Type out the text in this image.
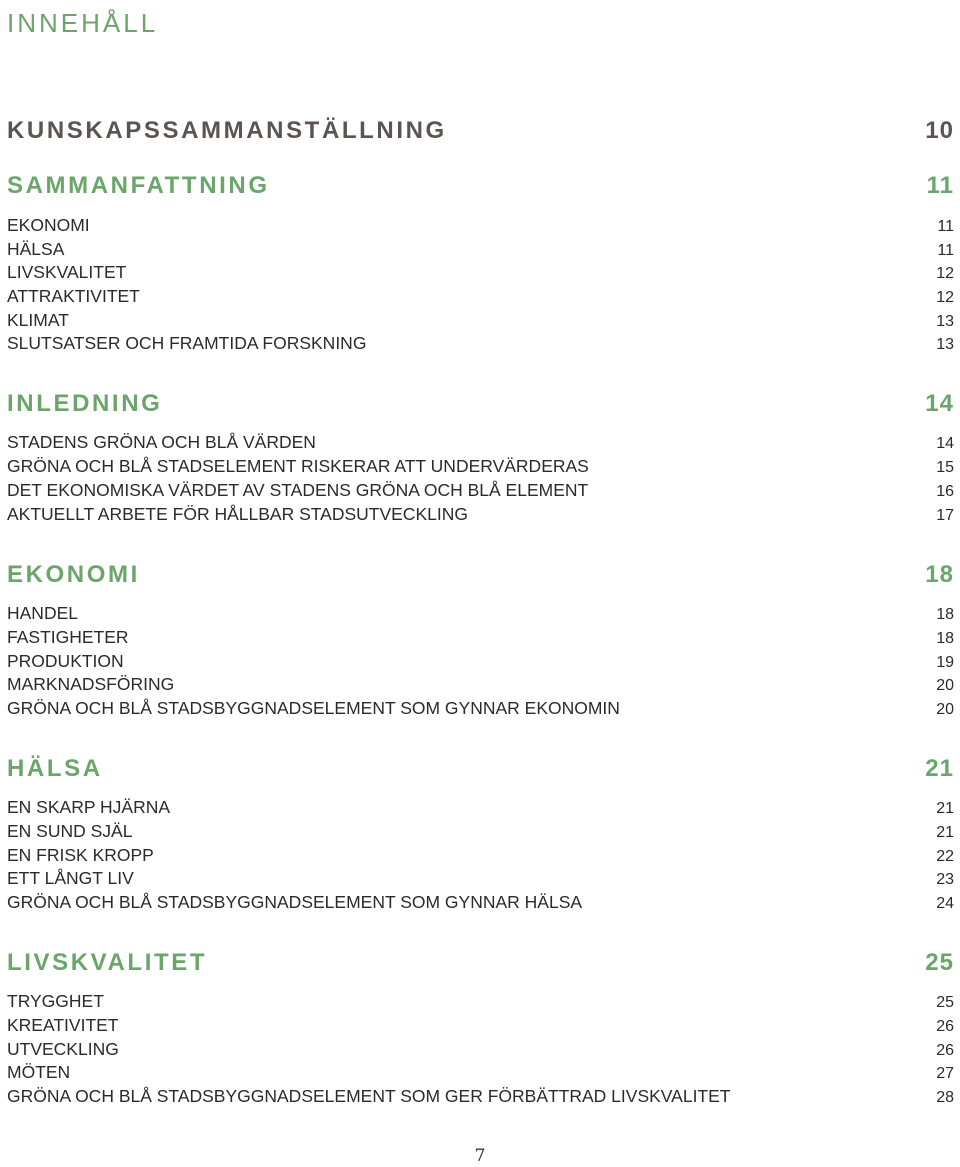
INNEHÅLL
KUNSKAPSSAMMANSTÄLLNING	10
SAMMANFATTNING	11
EKONOMI	11
HÄLSA	11
LIVSKVALITET	12
ATTRAKTIVITET	12
KLIMAT	13
SLUTSATSER OCH FRAMTIDA FORSKNING	13
INLEDNING	14
STADENS GRÖNA OCH BLÅ VÄRDEN	14
GRÖNA OCH BLÅ STADSELEMENT RISKERAR ATT UNDERVÄRDERAS	15
DET EKONOMISKA VÄRDET AV STADENS GRÖNA OCH BLÅ ELEMENT	16
AKTUELLT ARBETE FÖR HÅLLBAR STADSUTVECKLING	17
EKONOMI	18
HANDEL	18
FASTIGHETER	18
PRODUKTION	19
MARKNADSFÖRING	20
GRÖNA OCH BLÅ STADSBYGGNADSELEMENT SOM GYNNAR EKONOMIN	20
HÄLSA	21
EN SKARP HJÄRNA	21
EN SUND SJÄL	21
EN FRISK KROPP	22
ETT LÅNGT LIV	23
GRÖNA OCH BLÅ STADSBYGGNADSELEMENT SOM GYNNAR HÄLSA	24
LIVSKVALITET	25
TRYGGHET	25
KREATIVITET	26
UTVECKLING	26
MÖTEN	27
GRÖNA OCH BLÅ STADSBYGGNADSELEMENT SOM GER FÖRBÄTTRAD LIVSKVALITET	28
7
